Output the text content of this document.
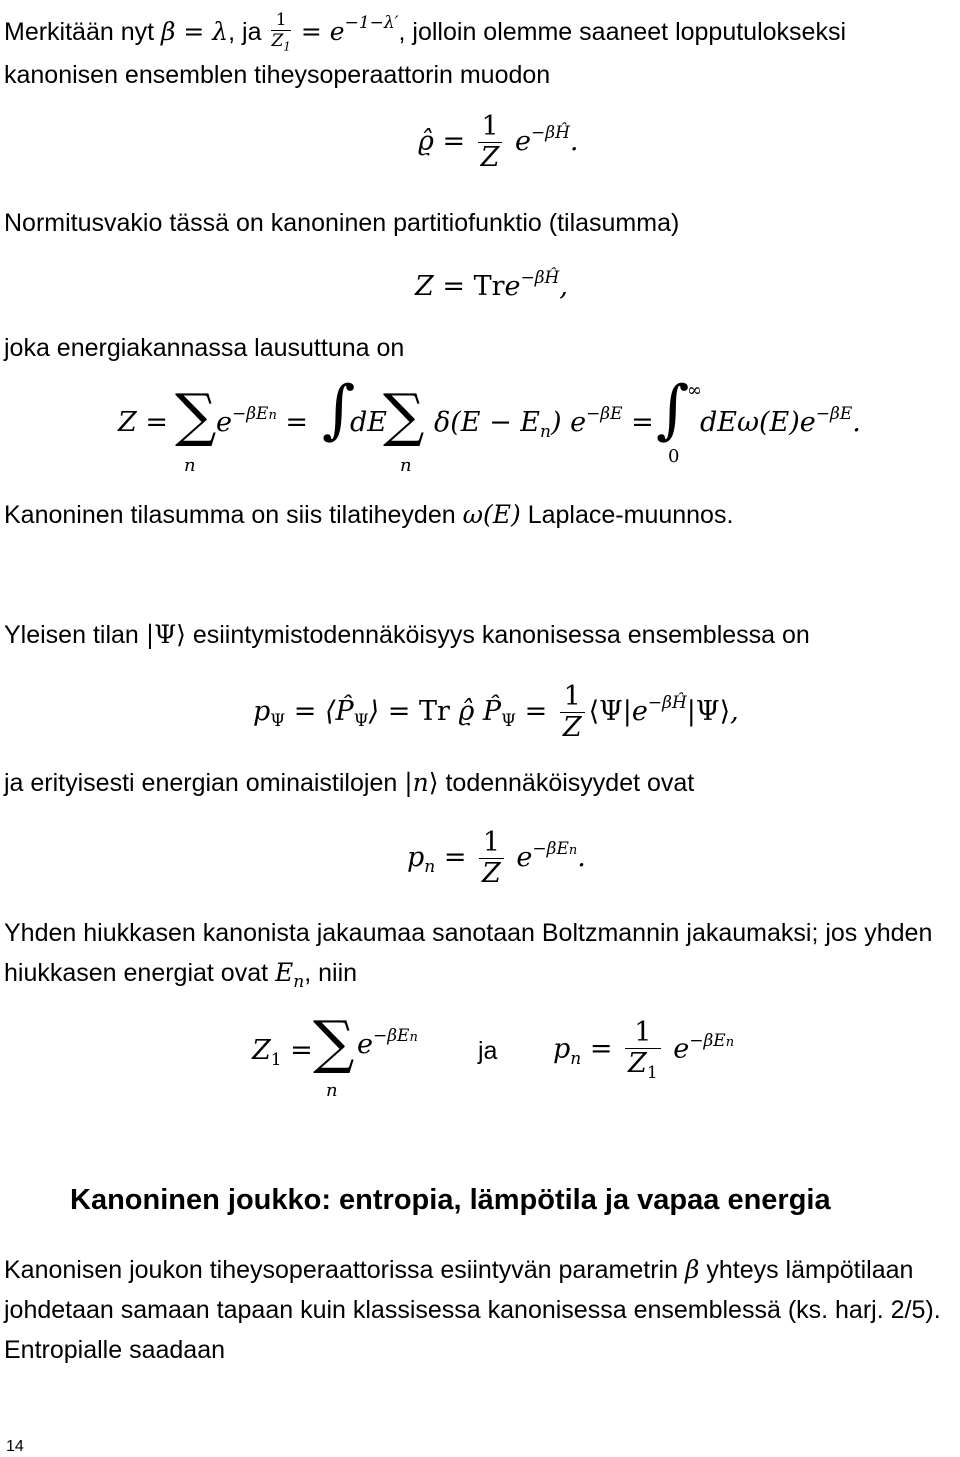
Merkitään nyt β = λ, ja $\frac{1}{Z_1} = e^{-1-\lambda'}$, jolloin olemme saaneet lopputulokseksi
kanonisen ensemblen tiheysoperaattorin muodon
ϱ̂ = $\frac{1}{Z} e^{-\beta Ĥ}$.
Normitusvakio tässä on kanoninen partitiofunktio (tilasumma)
Z = Tre$^{-\beta Ĥ}$,
joka energiakannassa lausuttuna on
Z = ∑
n
$e^{-\beta En}$ = ∫
dE
∑
n
$\delta(E - E_n)$ $e^{-\beta E}$ = ∫
∞
0
$dE\omega(E)e^{-\beta E}$.
Kanoninen tilasumma on siis tilatiheyden ω(E) Laplace-muunnos.
Yleisen tilan |Ψ⟩ esiintymistodennäköisyys kanonisessa ensemblessa on
$p_\Psi$ = $⟨P̂_\Psi⟩ = Tr$ ϱ̂ $P̂_\Psi = \frac{1}{Z}$ $⟨\Psi|e^{-\beta Ĥ}|\Psi⟩$,
ja erityisesti energian ominaistilojen |n⟩ todennäköisyydet ovat
$p_n = \frac{1}{Z} e^{-\beta En}$.
Yhden hiukkasen kanonista jakaumaa sanotaan Boltzmannin jakaumaksi; jos yhden
hiukkasen energiat ovat $E_n$, niin
$Z_1$ = ∑
n
$e^{-\beta En}$ ja $p_n = \frac{1}{Z_1} e^{-\beta En}$
Kanoninen joukko: entropia, lämpötila ja vapaa energia
Kanonisen joukon tiheysoperaattorissa esiintyvän parametrin β yhteys lämpötilaan
johdetaan samaan tapaan kuin klassisessa kanonisessa ensemblessä (ks. harj. 2/5).
Entropialle saadaan
14
